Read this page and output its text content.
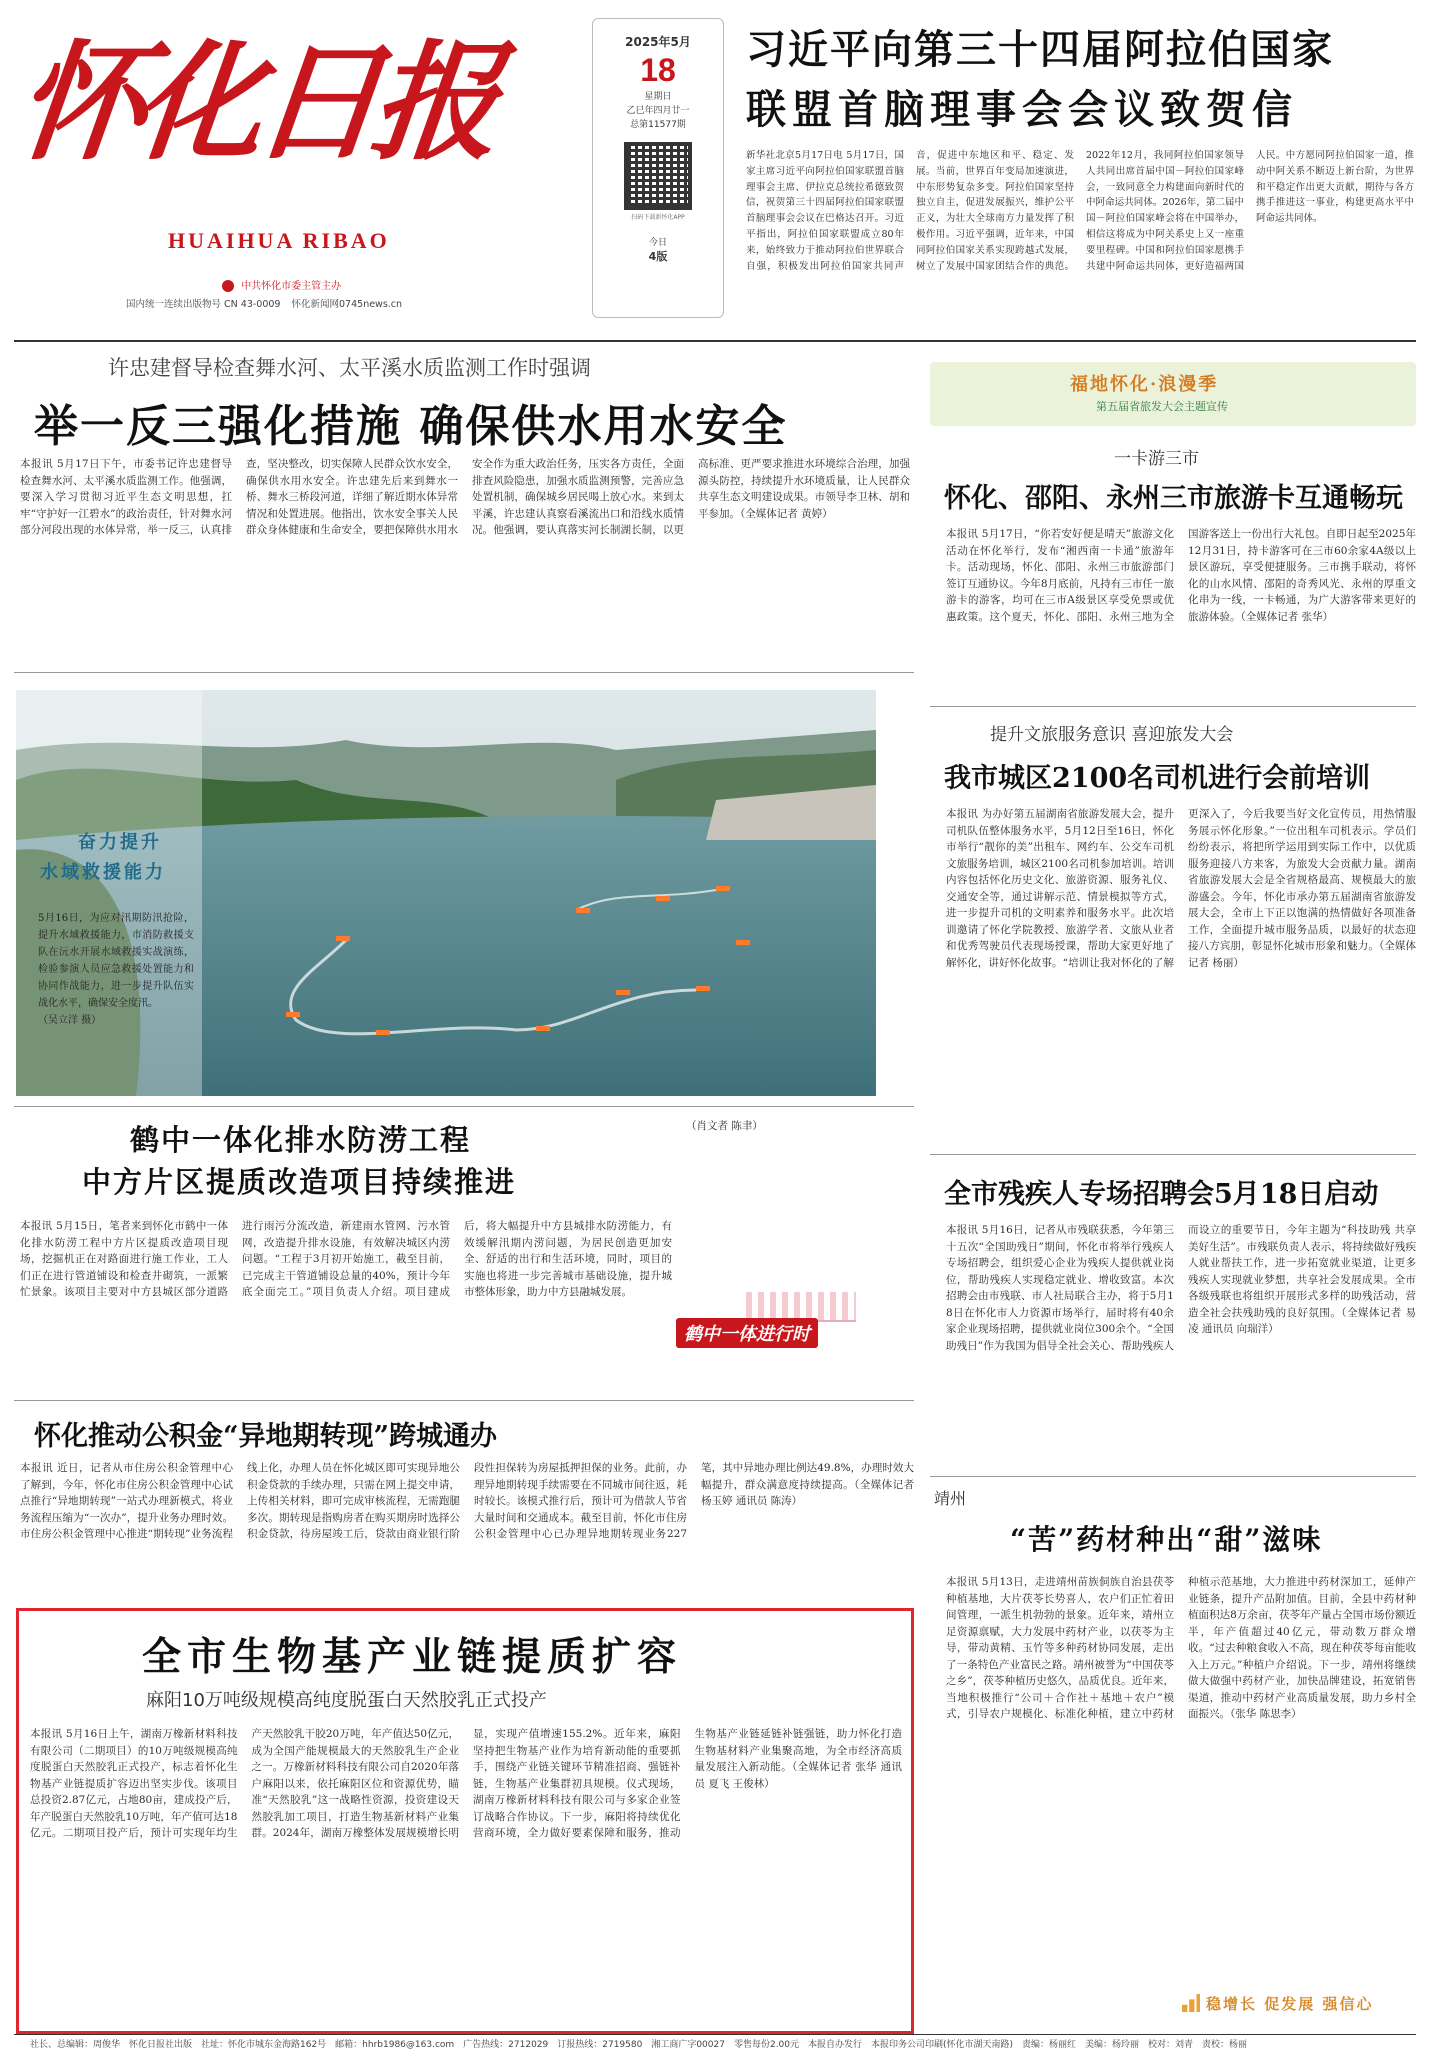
怀化日报
HUAIHUA RIBAO
中共怀化市委主管主办
国内统一连续出版物号 CN 43-0009 怀化新闻网0745news.cn
2025年5月
18
星期日
乙巳年四月廿一
总第11577期
扫码下载新怀化APP
今日
4版
习近平向第三十四届阿拉伯国家
联盟首脑理事会会议致贺信
新华社北京5月17日电 5月17日，国家主席习近平向阿拉伯国家联盟首脑理事会主席、伊拉克总统拉希德致贺信，祝贺第三十四届阿拉伯国家联盟首脑理事会会议在巴格达召开。习近平指出，阿拉伯国家联盟成立80年来，始终致力于推动阿拉伯世界联合自强，积极发出阿拉伯国家共同声音，促进中东地区和平、稳定、发展。当前，世界百年变局加速演进，中东形势复杂多变。阿拉伯国家坚持独立自主，促进发展振兴，维护公平正义，为壮大全球南方力量发挥了积极作用。习近平强调，近年来，中国同阿拉伯国家关系实现跨越式发展，树立了发展中国家团结合作的典范。2022年12月，我同阿拉伯国家领导人共同出席首届中国－阿拉伯国家峰会，一致同意全力构建面向新时代的中阿命运共同体。2026年，第二届中国－阿拉伯国家峰会将在中国举办，相信这将成为中阿关系史上又一座重要里程碑。中国和阿拉伯国家愿携手共建中阿命运共同体，更好造福两国人民。中方愿同阿拉伯国家一道，推动中阿关系不断迈上新台阶，为世界和平稳定作出更大贡献，期待与各方携手推进这一事业，构建更高水平中阿命运共同体。
许忠建督导检查舞水河、太平溪水质监测工作时强调
举一反三强化措施 确保供水用水安全
本报讯 5月17日下午，市委书记许忠建督导检查舞水河、太平溪水质监测工作。他强调，要深入学习贯彻习近平生态文明思想，扛牢“守护好一江碧水”的政治责任，针对舞水河部分河段出现的水体异常，举一反三，认真排查，坚决整改，切实保障人民群众饮水安全，确保供水用水安全。许忠建先后来到舞水一桥、舞水三桥段河道，详细了解近期水体异常情况和处置进展。他指出，饮水安全事关人民群众身体健康和生命安全，要把保障供水用水安全作为重大政治任务，压实各方责任，全面排查风险隐患，加强水质监测预警，完善应急处置机制，确保城乡居民喝上放心水。来到太平溪，许忠建认真察看溪流出口和沿线水质情况。他强调，要认真落实河长制湖长制，以更高标准、更严要求推进水环境综合治理，加强源头防控，持续提升水环境质量，让人民群众共享生态文明建设成果。市领导李卫林、胡和平参加。（全媒体记者 黄婷）
奋力提升
水域救援能力
5月16日，为应对汛期防汛抢险，提升水域救援能力，市消防救援支队在沅水开展水域救援实战演练，检验参演人员应急救援处置能力和协同作战能力，进一步提升队伍实战化水平，确保安全度汛。
（吴立洋 摄）
福地怀化·浪漫季
第五届省旅发大会主题宣传
一卡游三市
怀化、邵阳、永州三市旅游卡互通畅玩
本报讯 5月17日，“你若安好便是晴天”旅游文化活动在怀化举行，发布“湘西南一卡通”旅游年卡。活动现场，怀化、邵阳、永州三市旅游部门签订互通协议。今年8月底前，凡持有三市任一旅游卡的游客，均可在三市A级景区享受免票或优惠政策。这个夏天，怀化、邵阳、永州三地为全国游客送上一份出行大礼包。自即日起至2025年12月31日，持卡游客可在三市60余家4A级以上景区游玩，享受便捷服务。三市携手联动，将怀化的山水风情、邵阳的奇秀风光、永州的厚重文化串为一线，一卡畅通，为广大游客带来更好的旅游体验。（全媒体记者 张华）
提升文旅服务意识 喜迎旅发大会
我市城区2100名司机进行会前培训
本报讯 为办好第五届湖南省旅游发展大会，提升司机队伍整体服务水平，5月12日至16日，怀化市举行“靓你的美”出租车、网约车、公交车司机文旅服务培训，城区2100名司机参加培训。培训内容包括怀化历史文化、旅游资源、服务礼仪、交通安全等，通过讲解示范、情景模拟等方式，进一步提升司机的文明素养和服务水平。此次培训邀请了怀化学院教授、旅游学者、文旅从业者和优秀驾驶员代表现场授课，帮助大家更好地了解怀化，讲好怀化故事。“培训让我对怀化的了解更深入了，今后我要当好文化宣传员，用热情服务展示怀化形象。”一位出租车司机表示。学员们纷纷表示，将把所学运用到实际工作中，以优质服务迎接八方来客，为旅发大会贡献力量。湖南省旅游发展大会是全省规格最高、规模最大的旅游盛会。今年，怀化市承办第五届湖南省旅游发展大会，全市上下正以饱满的热情做好各项准备工作，全面提升城市服务品质，以最好的状态迎接八方宾朋，彰显怀化城市形象和魅力。（全媒体记者 杨丽）
鹤中一体化排水防涝工程
中方片区提质改造项目持续推进
本报讯 5月15日，笔者来到怀化市鹤中一体化排水防涝工程中方片区提质改造项目现场，挖掘机正在对路面进行施工作业，工人们正在进行管道铺设和检查井砌筑，一派繁忙景象。该项目主要对中方县城区部分道路进行雨污分流改造，新建雨水管网、污水管网，改造提升排水设施，有效解决城区内涝问题。“工程于3月初开始施工，截至目前，已完成主干管道铺设总量的40%，预计今年底全面完工。”项目负责人介绍。项目建成后，将大幅提升中方县城排水防涝能力，有效缓解汛期内涝问题，为居民创造更加安全、舒适的出行和生活环境，同时，项目的实施也将进一步完善城市基础设施，提升城市整体形象，助力中方县融城发展。
（肖文者 陈聿）
鹤中一体进行时
全市残疾人专场招聘会5月18日启动
本报讯 5月16日，记者从市残联获悉，今年第三十五次“全国助残日”期间，怀化市将举行残疾人专场招聘会，组织爱心企业为残疾人提供就业岗位，帮助残疾人实现稳定就业、增收致富。本次招聘会由市残联、市人社局联合主办，将于5月18日在怀化市人力资源市场举行，届时将有40余家企业现场招聘，提供就业岗位300余个。“全国助残日”作为我国为倡导全社会关心、帮助残疾人而设立的重要节日，今年主题为“科技助残 共享美好生活”。市残联负责人表示，将持续做好残疾人就业帮扶工作，进一步拓宽就业渠道，让更多残疾人实现就业梦想，共享社会发展成果。全市各级残联也将组织开展形式多样的助残活动，营造全社会扶残助残的良好氛围。（全媒体记者 易凌 通讯员 向瑞洋）
怀化推动公积金“异地期转现”跨城通办
本报讯 近日，记者从市住房公积金管理中心了解到，今年，怀化市住房公积金管理中心试点推行“异地期转现”一站式办理新模式，将业务流程压缩为“一次办”，提升业务办理时效。市住房公积金管理中心推进“期转现”业务流程线上化，办理人员在怀化城区即可实现异地公积金贷款的手续办理，只需在网上提交申请，上传相关材料，即可完成审核流程，无需跑腿多次。期转现是指购房者在购买期房时选择公积金贷款，待房屋竣工后，贷款由商业银行阶段性担保转为房屋抵押担保的业务。此前，办理异地期转现手续需要在不同城市间往返，耗时较长。该模式推行后，预计可为借款人节省大量时间和交通成本。截至目前，怀化市住房公积金管理中心已办理异地期转现业务227笔，其中异地办理比例达49.8%，办理时效大幅提升，群众满意度持续提高。（全媒体记者 杨玉婷 通讯员 陈涛）	靖州
“苦”药材种出“甜”滋味
本报讯 5月13日，走进靖州苗族侗族自治县茯苓种植基地，大片茯苓长势喜人，农户们正忙着田间管理，一派生机勃勃的景象。近年来，靖州立足资源禀赋，大力发展中药材产业，以茯苓为主导，带动黄精、玉竹等多种药材协同发展，走出了一条特色产业富民之路。靖州被誉为“中国茯苓之乡”，茯苓种植历史悠久，品质优良。近年来，当地积极推行“公司＋合作社＋基地＋农户”模式，引导农户规模化、标准化种植，建立中药材种植示范基地，大力推进中药材深加工，延伸产业链条，提升产品附加值。目前，全县中药材种植面积达8万余亩，茯苓年产量占全国市场份额近半，年产值超过40亿元，带动数万群众增收。“过去种粮食收入不高，现在种茯苓每亩能收入上万元。”种植户介绍说。下一步，靖州将继续做大做强中药材产业，加快品牌建设，拓宽销售渠道，推动中药材产业高质量发展，助力乡村全面振兴。（张华 陈思李）
稳增长 促发展 强信心
全市生物基产业链提质扩容
麻阳10万吨级规模高纯度脱蛋白天然胶乳正式投产
本报讯 5月16日上午，湖南万橡新材料科技有限公司（二期项目）的10万吨级规模高纯度脱蛋白天然胶乳正式投产，标志着怀化生物基产业链提质扩容迈出坚实步伐。该项目总投资2.87亿元，占地80亩，建成投产后，年产脱蛋白天然胶乳10万吨，年产值可达18亿元。二期项目投产后，预计可实现年均生产天然胶乳干胶20万吨，年产值达50亿元，成为全国产能规模最大的天然胶乳生产企业之一。万橡新材料科技有限公司自2020年落户麻阳以来，依托麻阳区位和资源优势，瞄准“天然胶乳”这一战略性资源，投资建设天然胶乳加工项目，打造生物基新材料产业集群。2024年，湖南万橡整体发展规模增长明显，实现产值增速155.2%。近年来，麻阳坚持把生物基产业作为培育新动能的重要抓手，围绕产业链关键环节精准招商、强链补链，生物基产业集群初具规模。仪式现场，湖南万橡新材料科技有限公司与多家企业签订战略合作协议。下一步，麻阳将持续优化营商环境，全力做好要素保障和服务，推动生物基产业链延链补链强链，助力怀化打造生物基材料产业集聚高地，为全市经济高质量发展注入新动能。（全媒体记者 张华 通讯员 夏飞 王俊林）
社长、总编辑：周俊华　怀化日报社出版　社址：怀化市城东金海路162号　邮箱：hhrb1986@163.com　广告热线：2712029　订报热线：2719580　湘工商广字00027　零售每份2.00元　本报自办发行　本报印务公司印刷(怀化市湖天南路)　责编：杨丽红　美编：杨玲丽　校对：刘青　责校：杨丽
